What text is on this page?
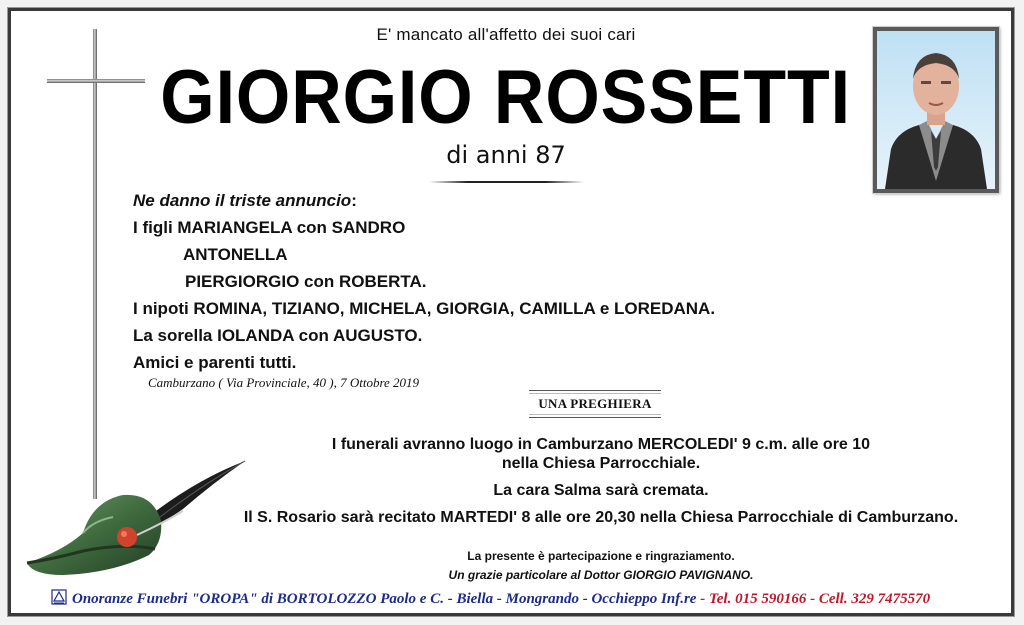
E' mancato all'affetto dei suoi cari
GIORGIO ROSSETTI
di anni 87
Ne danno il triste annuncio:
I figli MARIANGELA con SANDRO
ANTONELLA
PIERGIORGIO con ROBERTA.
I nipoti ROMINA, TIZIANO, MICHELA, GIORGIA, CAMILLA e LOREDANA.
La sorella IOLANDA con AUGUSTO.
Amici e parenti tutti.
Camburzano ( Via Provinciale, 40 ), 7 Ottobre 2019
UNA PREGHIERA
I funerali avranno luogo in Camburzano MERCOLEDI' 9 c.m. alle ore 10
nella Chiesa Parrocchiale.
La cara Salma sarà cremata.
Il S. Rosario sarà recitato MARTEDI' 8 alle ore 20,30 nella Chiesa Parrocchiale di Camburzano.
La presente è partecipazione e ringraziamento.
Un grazie particolare al Dottor GIORGIO PAVIGNANO.
Onoranze Funebri "OROPA" di BORTOLOZZO Paolo e C. - Biella - Mongrando - Occhieppo Inf.re - Tel. 015 590166 - Cell. 329 7475570
